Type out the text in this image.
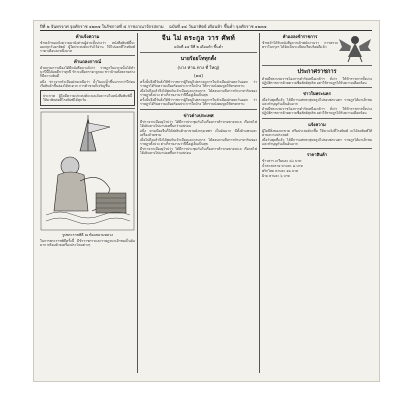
ปีที่ ๒ จันทรจาศ จุลศักราช ๑๒๓๗ ในรัชกาลที่ ๕ ราชอาณาจักรสยาม ฉบับที่ ๑๔ วันอาทิตย์ เดือนห้า ขึ้นค่ำ จุลศักราช ๑๒๓๗
คำแจ้งความ
ข้าพเจ้าขอแจ้งความมายังท่านผู้อ่านทั้งปวงว่า หนังสือพิมพ์นี้จะออกทุกวันอาทิตย์ ผู้ใดประสงค์จะรับไว้อ่าน ให้ไปบอกที่โรงพิมพ์ ราคาเดือนละหนึ่งบาท
คำแถลงการณ์
ด้วยกรมการเมืองได้มีหนังสือมาแจ้งว่า ราษฎรในแขวงนั้นได้ทำนาปีนี้ได้ผลดีกว่าทุกปี ข้าวเปลือกราคาถูกลง ชาวบ้านทั้งหลายต่างก็มีความยินดี
อนึ่ง ข่าวจากหัวเมืองฝ่ายเหนือว่า น้ำในแม่น้ำขึ้นมากกว่าปีก่อน เรือสินค้าขึ้นล่องได้สะดวก การค้าขายก็เจริญขึ้น
ประกาศ ผู้ใดมีความประสงค์จะลงแจ้งความในหนังสือพิมพ์นี้ ให้มาติดต่อที่โรงพิมพ์ได้ทุกวัน
รูปพระราชพิธี ณ ท้องสนามหลวง
ในการพระราชพิธีครั้งนี้ มีข้าราชการและราษฎรมาเฝ้าชมเป็นอันมาก พร้อมด้วยเครื่องประโคมต่างๆ
จีน ไม่ ตระกูล วาร ศัพท์
ฉบับที่ ๑๔ ปีที่ ๒ เดือนห้า ขึ้นค่ำ
นายร้อยโททุกตั้ง
(บาง ท่าน ทาง ที่ ใหญ่)
(๑๔)
ครั้งนั้นจึงมีรับสั่งให้ข้าราชการผู้ใหญ่ไปตรวจดูการในหัวเมืองฝ่ายตะวันออก ว่าราษฎรได้รับความเดือดร้อนประการใดบ้าง ให้กราบบังคมทูลให้ทรงทราบ
เมื่อไปถึงแล้วจึงได้พบกับเจ้าเมืองและกรมการ ได้สอบถามถึงการทำมาหากินของราษฎรทั้งปวง ต่างก็รายงานว่าปีนี้อยู่เย็นเป็นสุข
ครั้งนั้นจึงมีรับสั่งให้ข้าราชการผู้ใหญ่ไปตรวจดูการในหัวเมืองฝ่ายตะวันออก ว่าราษฎรได้รับความเดือดร้อนประการใดบ้าง ให้กราบบังคมทูลให้ทรงทราบ
ข่าวต่างประเทศ
มีข่าวจากเมืองยุโรปว่า ได้มีการประชุมกันในเรื่องการค้าขายทางทะเล เรือกลไฟได้เดินทางไปมาบ่อยขึ้นกว่าแต่ก่อน
อนึ่ง ทางเมืองจีนก็ได้ส่งสินค้ามาขายยังกรุงเทพฯ เป็นอันมาก มีทั้งผ้าแพรและเครื่องถ้วยชาม
เมื่อไปถึงแล้วจึงได้พบกับเจ้าเมืองและกรมการ ได้สอบถามถึงการทำมาหากินของราษฎรทั้งปวง ต่างก็รายงานว่าปีนี้อยู่เย็นเป็นสุข
มีข่าวจากเมืองยุโรปว่า ได้มีการประชุมกันในเรื่องการค้าขายทางทะเล เรือกลไฟได้เดินทางไปมาบ่อยขึ้นกว่าแต่ก่อน
คำแถลงข้าราชการ
ข้าพเจ้าได้รับหนังสือจากเจ้าพนักงานว่า การตรวจตราในกรุงฯ ได้จัดเป็นระเบียบเรียบร้อยดีแล้ว
ประกาศราชการ
ด้วยมีพระบรมราชโองการดำรัสเหนือเกล้าฯ สั่งว่า ให้ข้าราชการทั้งปวงปฏิบัติราชการด้วยความซื่อสัตย์สุจริต อย่าให้ราษฎรได้รับความเดือดร้อน
ข่าวในพระนคร
เมื่อวันพุธที่แล้ว ได้มีการแห่พระพุทธรูปไปรอบพระนคร ราษฎรได้มาเฝ้าชมและทำบุญกันเป็นอันมาก
ด้วยมีพระบรมราชโองการดำรัสเหนือเกล้าฯ สั่งว่า ให้ข้าราชการทั้งปวงปฏิบัติราชการด้วยความซื่อสัตย์สุจริต อย่าให้ราษฎรได้รับความเดือดร้อน
แจ้งความ
ผู้ใดมีสิ่งของจะขาย หรือประสงค์จะซื้อ ให้มาแจ้งที่โรงพิมพ์ จะได้ลงพิมพ์ให้ตามความประสงค์
เมื่อวันพุธที่แล้ว ได้มีการแห่พระพุทธรูปไปรอบพระนคร ราษฎรได้มาเฝ้าชมและทำบุญกันเป็นอันมาก
ราคาสินค้า
ข้าวสาร เกวียนละ ๔๐ บาท
น้ำตาลทราย หาบละ ๘ บาท
พริกไทย หาบละ ๑๒ บาท
ฝ้าย หาบละ ๖ บาท
